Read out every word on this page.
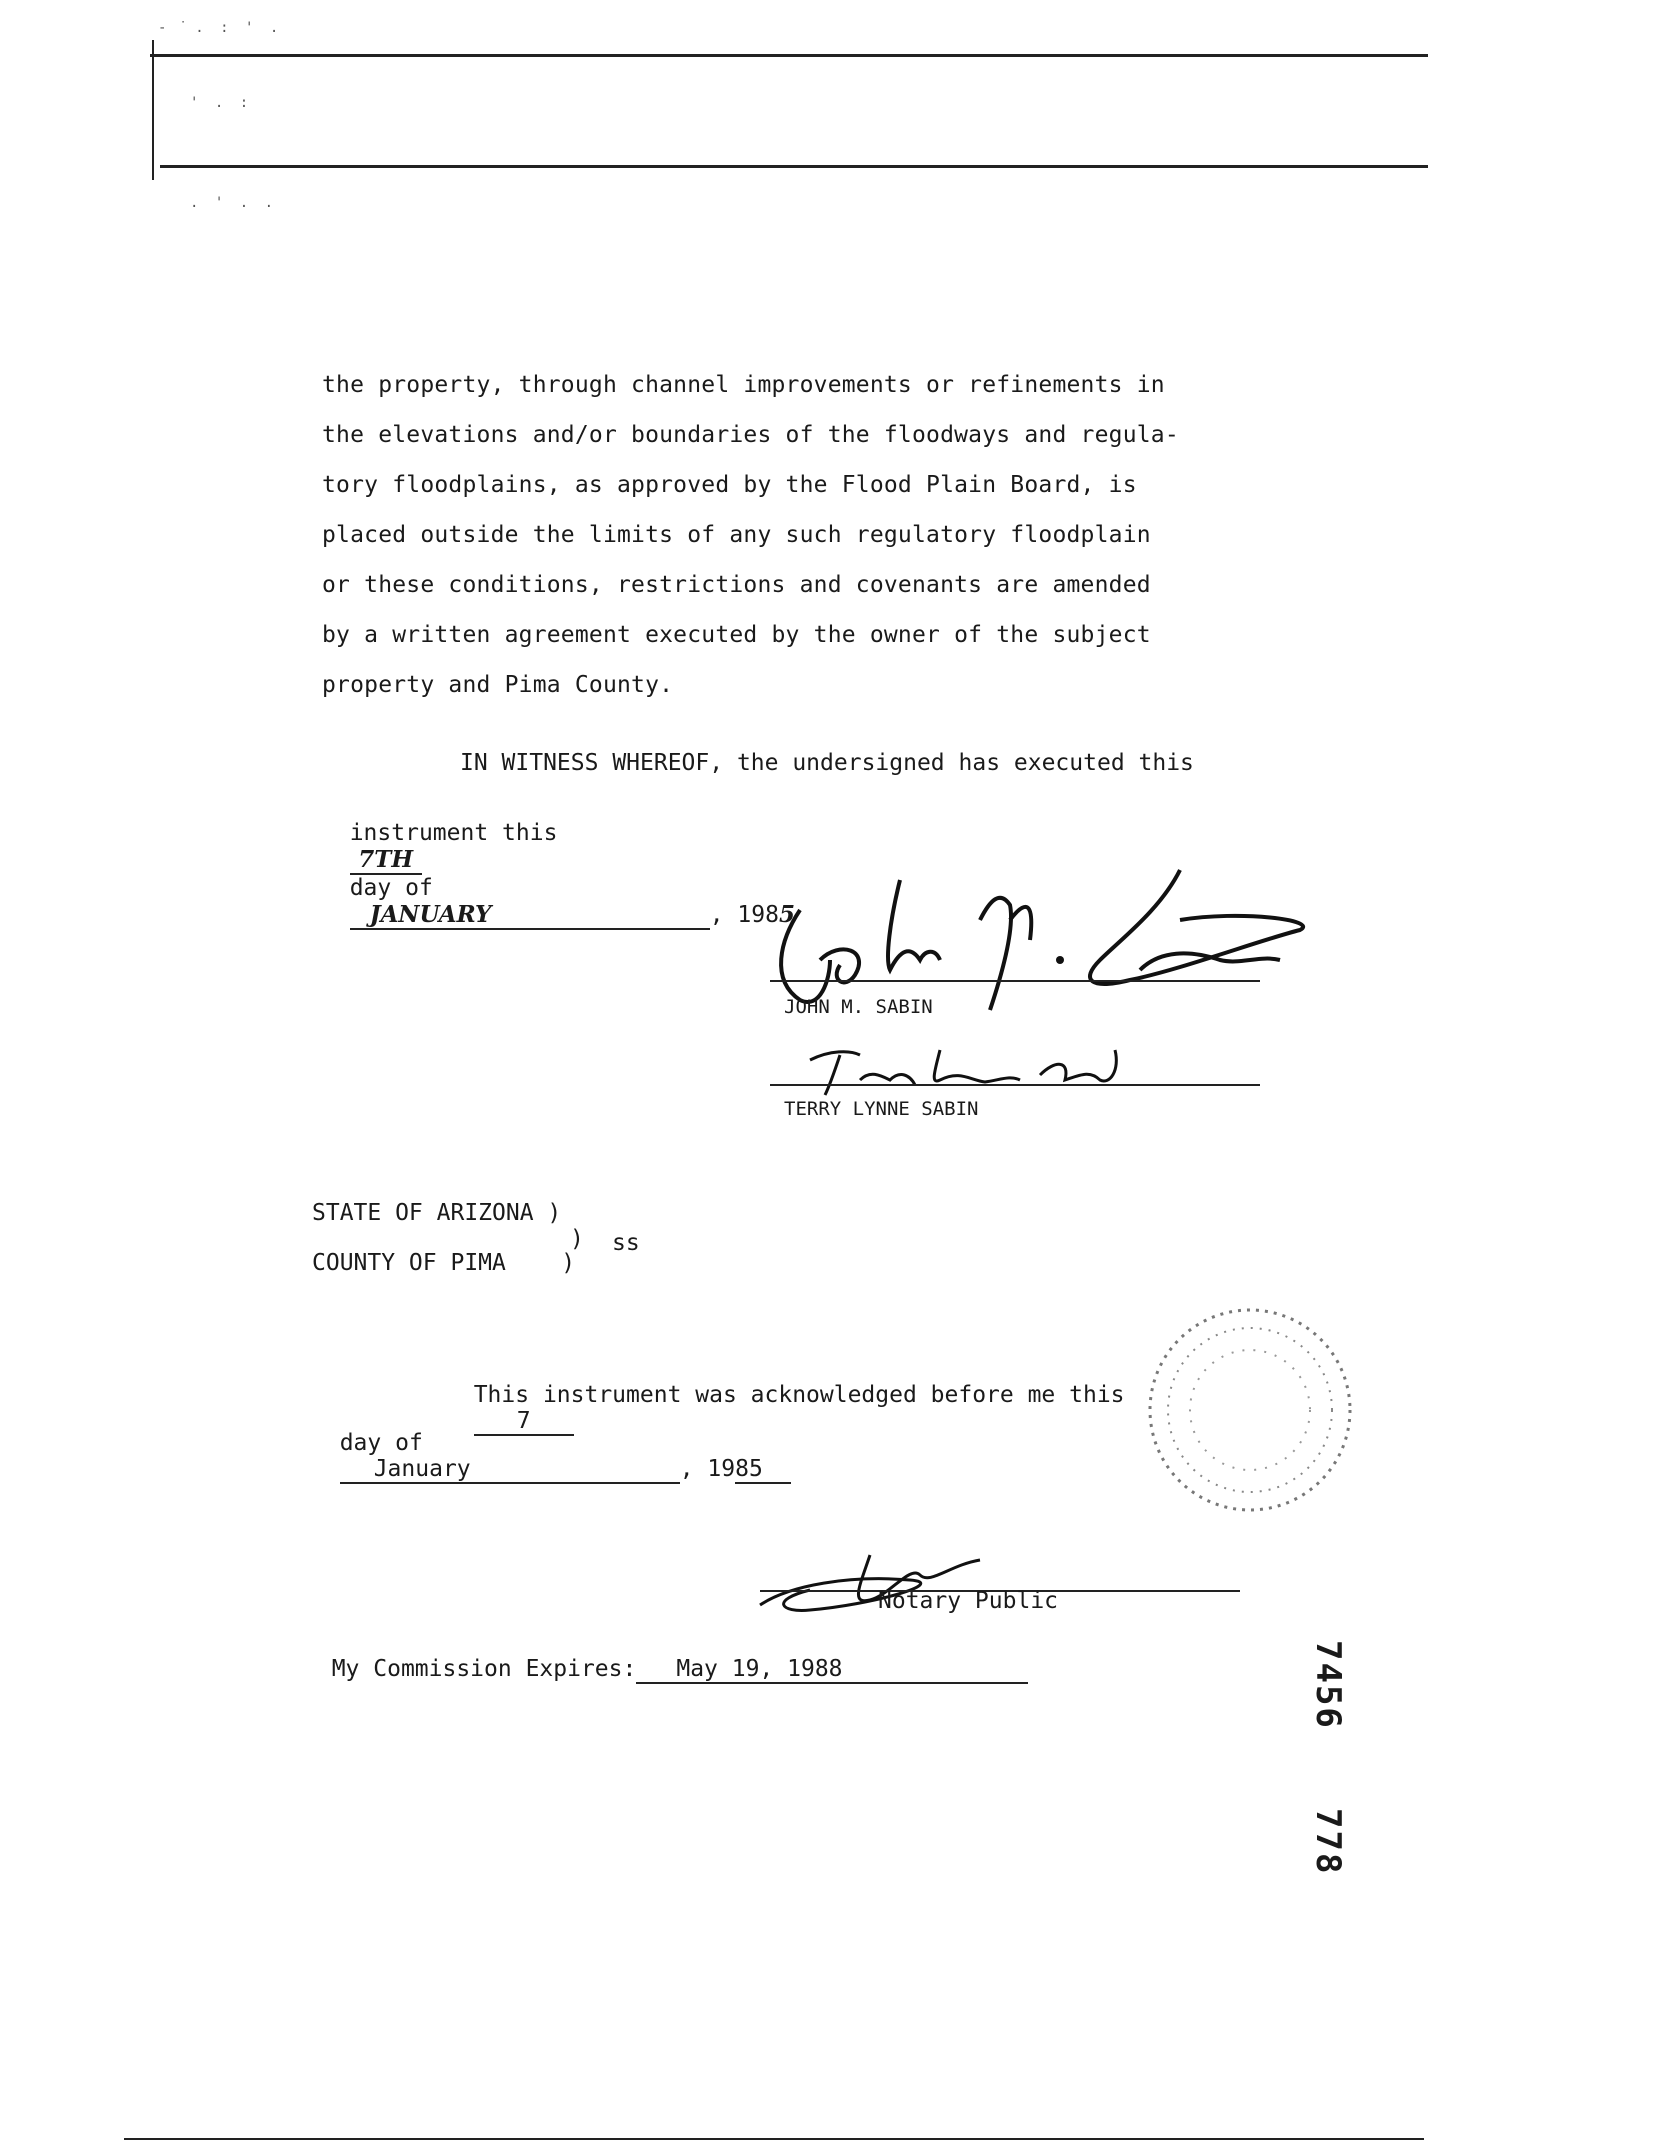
- ̇ . : ' .
' . :
. ' . .
the property, through channel improvements or refinements in
the elevations and/or boundaries of the floodways and regula-
tory floodplains, as approved by the Flood Plain Board, is
placed outside the limits of any such regulatory floodplain
or these conditions, restrictions and covenants are amended
by a written agreement executed by the owner of the subject
property and Pima County.
IN WITNESS WHEREOF, the undersigned has executed this

instrument this
7TH
day of
JANUARY	, 1985

JOHN M. SABIN
TERRY LYNNE SABIN
STATE OF ARIZONA )
) ss
COUNTY OF PIMA    )

This instrument was acknowledged before me this
7

day of
January	, 1985

Notary Public

My Commission Expires: May 19, 1988	7456
778
